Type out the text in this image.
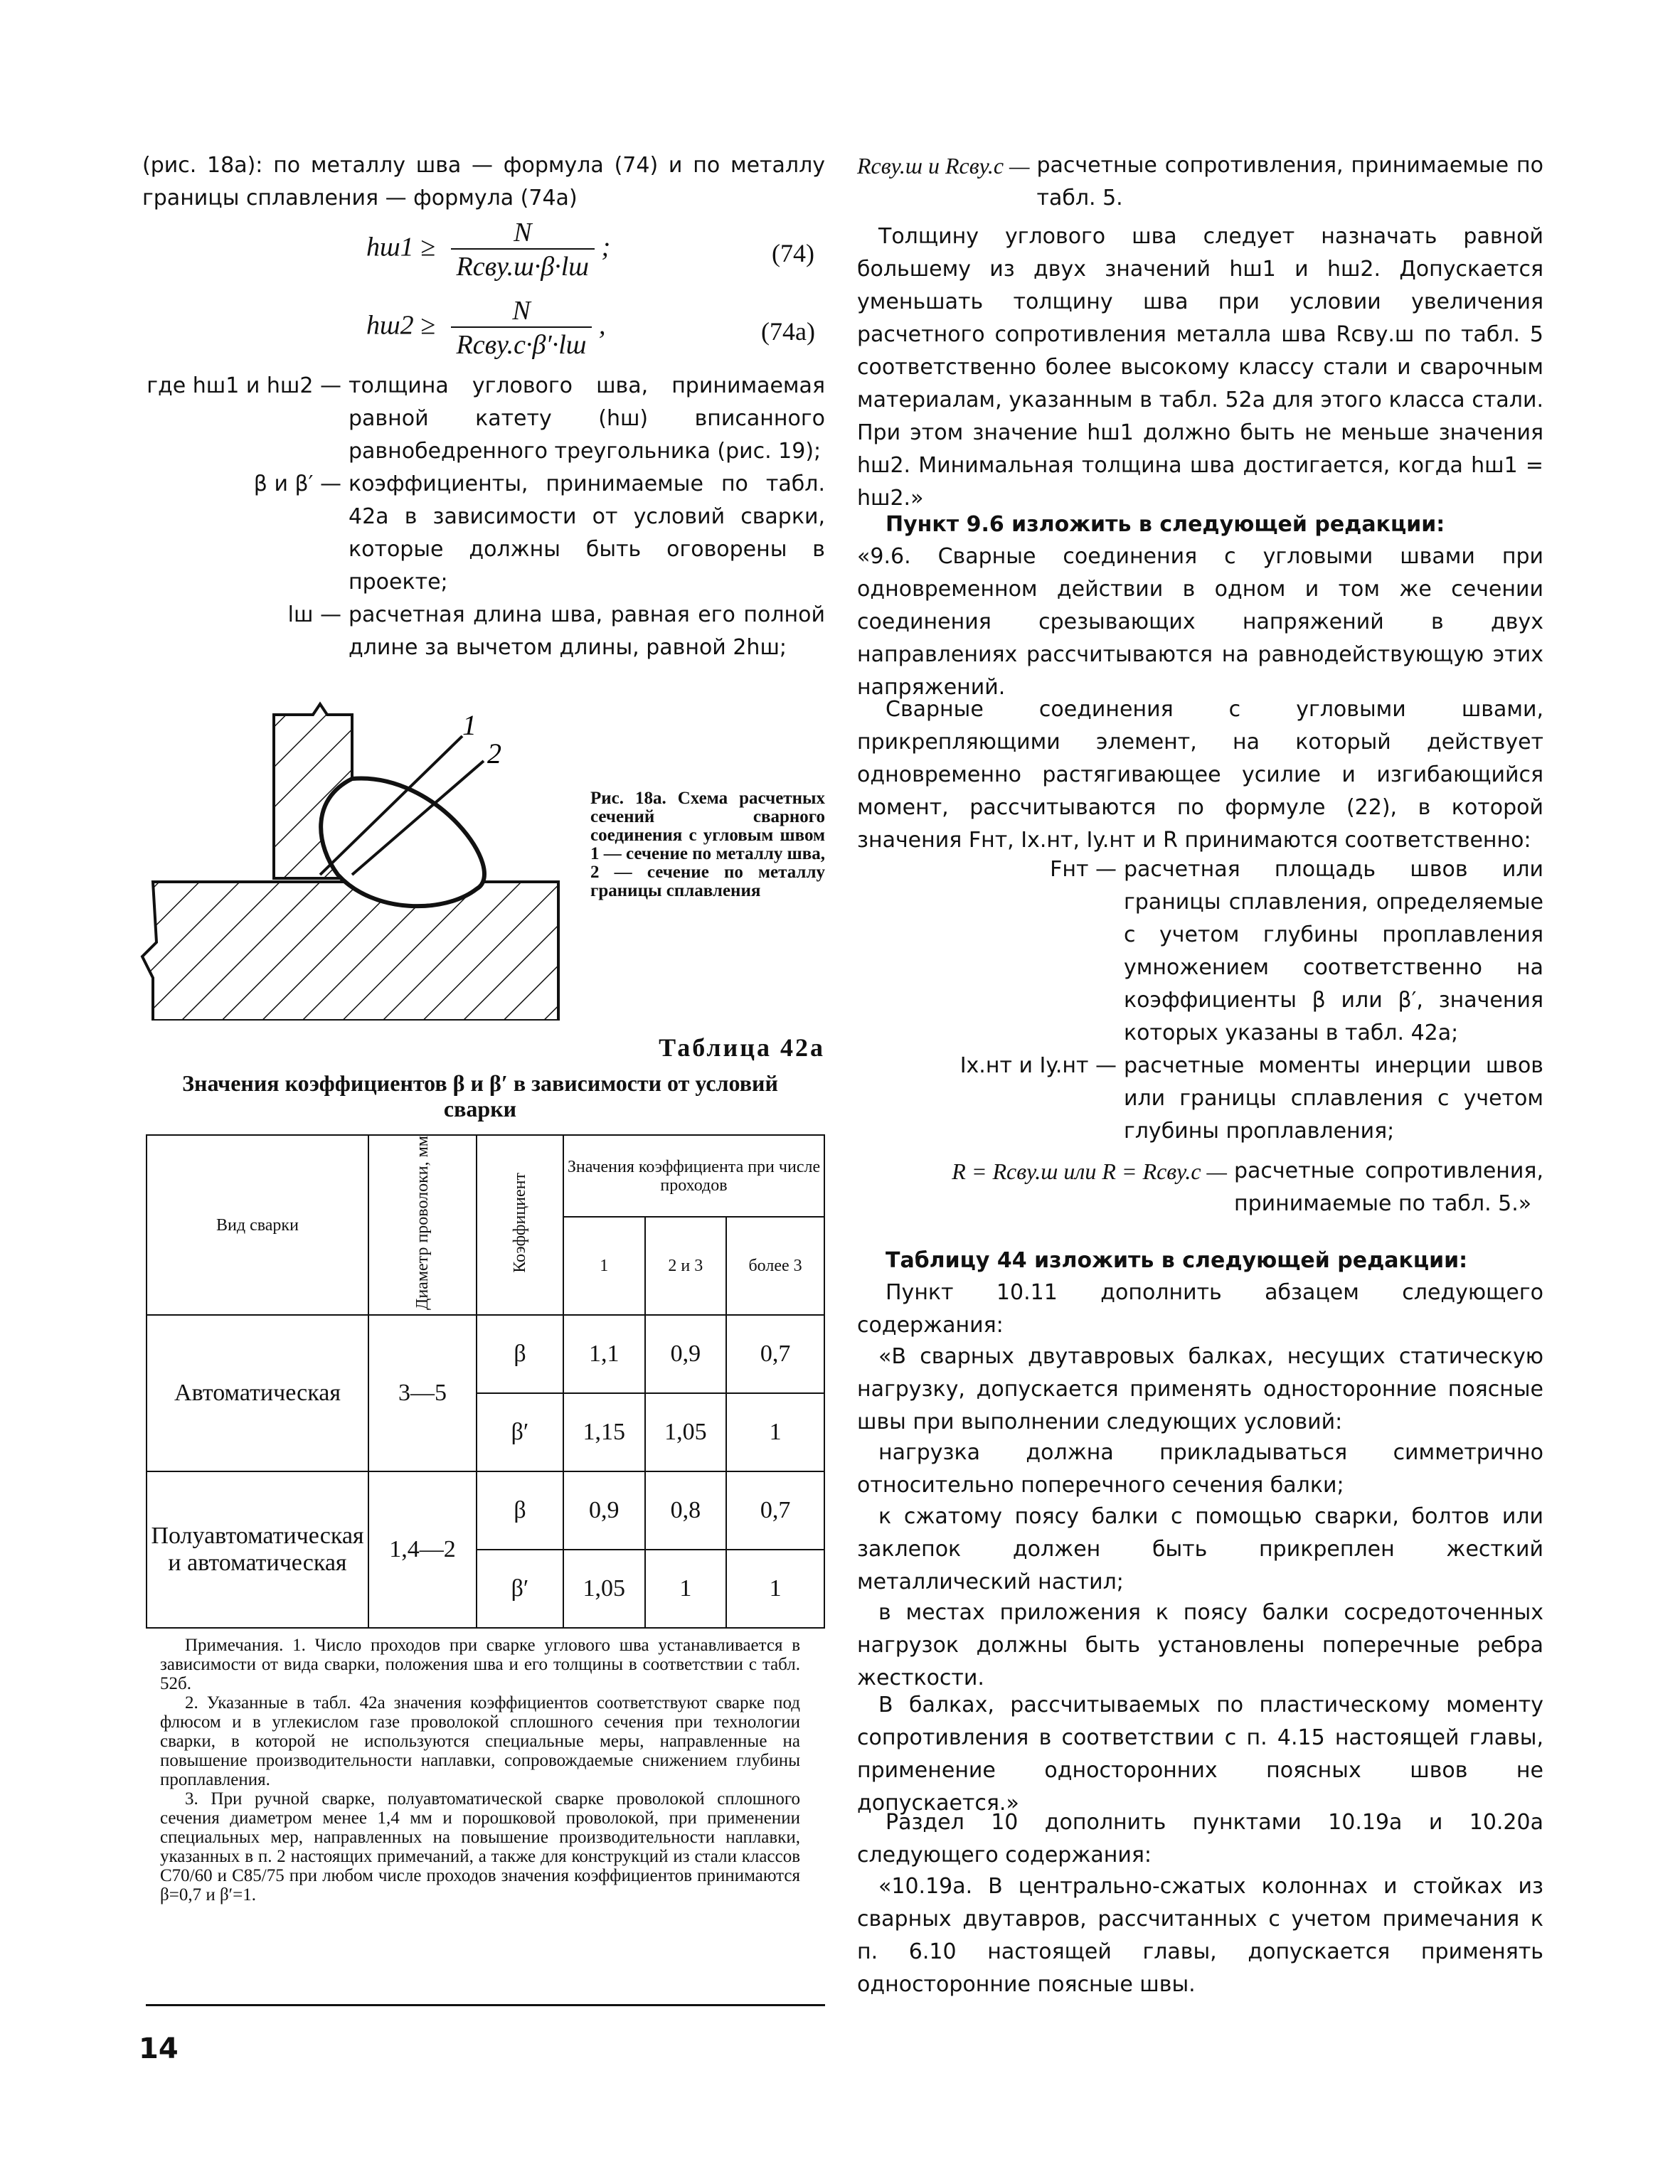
(рис. 18а): по металлу шва — формула (74) и по металлу границы сплавления — формула (74а)

$hш1 \ge \frac{N}{\text{Rсву.ш·β·lш}}$ ;	(74)
$hш2 \ge \frac{N}{\text{Rсву.с·β′·lш}}$ ,	(74а)
где hш1 и hш2 — толщина углового шва, принимаемая равной катету (hш) вписанного равнобедренного треугольника (рис. 19);
β и β′ — коэффициенты, принимаемые по табл. 42а в зависимости от условий сварки, которые должны быть оговорены в проекте;
lш — расчетная длина шва, равная его полной длине за вычетом длины, равной 2hш;
1
2
Рис. 18а. Схема расчетных сечений сварного соединения с угловым швом 1 — сечение по металлу шва, 2 — сечение по металлу границы сплавления
Таблица 42а
Значения коэффициентов β и β′ в зависимости от условий сварки
Вид сварки	Диаметр проволоки, мм	Коэффициент	Значения коэффициента при числе проходов		
			1	2 и 3	более 3
Автоматическая	3—5	β	1,1	0,9	0,7
		β′	1,15	1,05	1
Полуавтоматическая и автоматическая	1,4—2	β	0,9	0,8	0,7
		β′	1,05	1	1
Примечания. 1. Число проходов при сварке углового шва устанавливается в зависимости от вида сварки, положения шва и его толщины в соответствии с табл. 52б.
2. Указанные в табл. 42а значения коэффициентов соответствуют сварке под флюсом и в углекислом газе проволокой сплошного сечения при технологии сварки, в которой не используются специальные меры, направленные на повышение производительности наплавки, сопровождаемые снижением глубины проплавления.
3. При ручной сварке, полуавтоматической сварке проволокой сплошного сечения диаметром менее 1,4 мм и порошковой проволокой, при применении специальных мер, направленных на повышение производительности наплавки, указанных в п. 2 настоящих примечаний, а также для конструкций из стали классов С70/60 и С85/75 при любом числе проходов значения коэффициентов принимаются β=0,7 и β′=1.
14
Rсву.ш и Rсву.с — расчетные сопротивления, принимаемые по табл. 5.

Толщину углового шва следует назначать равной большему из двух значений hш1 и hш2. Допускается уменьшать толщину шва при условии увеличения расчетного сопротивления металла шва Rсву.ш по табл. 5 соответственно более высокому классу стали и сварочным материалам, указанным в табл. 52а для этого класса стали. При этом значение hш1 должно быть не меньше значения hш2. Минимальная толщина шва достигается, когда hш1 = hш2.»

Пункт 9.6 изложить в следующей редакции:

«9.6. Сварные соединения с угловыми швами при одновременном действии в одном и том же сечении соединения срезывающих напряжений в двух направлениях рассчитываются на равнодействующую этих напряжений.

Сварные соединения с угловыми швами, прикрепляющими элемент, на который действует одновременно растягивающее усилие и изгибающийся момент, рассчитываются по формуле (22), в которой значения Fнт, Ix.нт, Iy.нт и R принимаются соответственно:

Fнт — расчетная площадь швов или границы сплавления, определяемые с учетом глубины проплавления умножением соответственно на коэффициенты β или β′, значения которых указаны в табл. 42а;
Ix.нт и Iy.нт — расчетные моменты инерции швов или границы сплавления с учетом глубины проплавления;
R = Rсву.ш или R = Rсву.с — расчетные сопротивления, принимаемые по табл. 5.»

Таблицу 44 изложить в следующей редакции:

Пункт 10.11 дополнить абзацем следующего содержания:

«В сварных двутавровых балках, несущих статическую нагрузку, допускается применять односторонние поясные швы при выполнении следующих условий:

нагрузка должна прикладываться симметрично относительно поперечного сечения балки;

к сжатому поясу балки с помощью сварки, болтов или заклепок должен быть прикреплен жесткий металлический настил;

в местах приложения к поясу балки сосредоточенных нагрузок должны быть установлены поперечные ребра жесткости.

В балках, рассчитываемых по пластическому моменту сопротивления в соответствии с п. 4.15 настоящей главы, применение односторонних поясных швов не допускается.»

Раздел 10 дополнить пунктами 10.19а и 10.20а следующего содержания:

«10.19а. В центрально-сжатых колоннах и стойках из сварных двутавров, рассчитанных с учетом примечания к п. 6.10 настоящей главы, допускается применять односторонние поясные швы.
